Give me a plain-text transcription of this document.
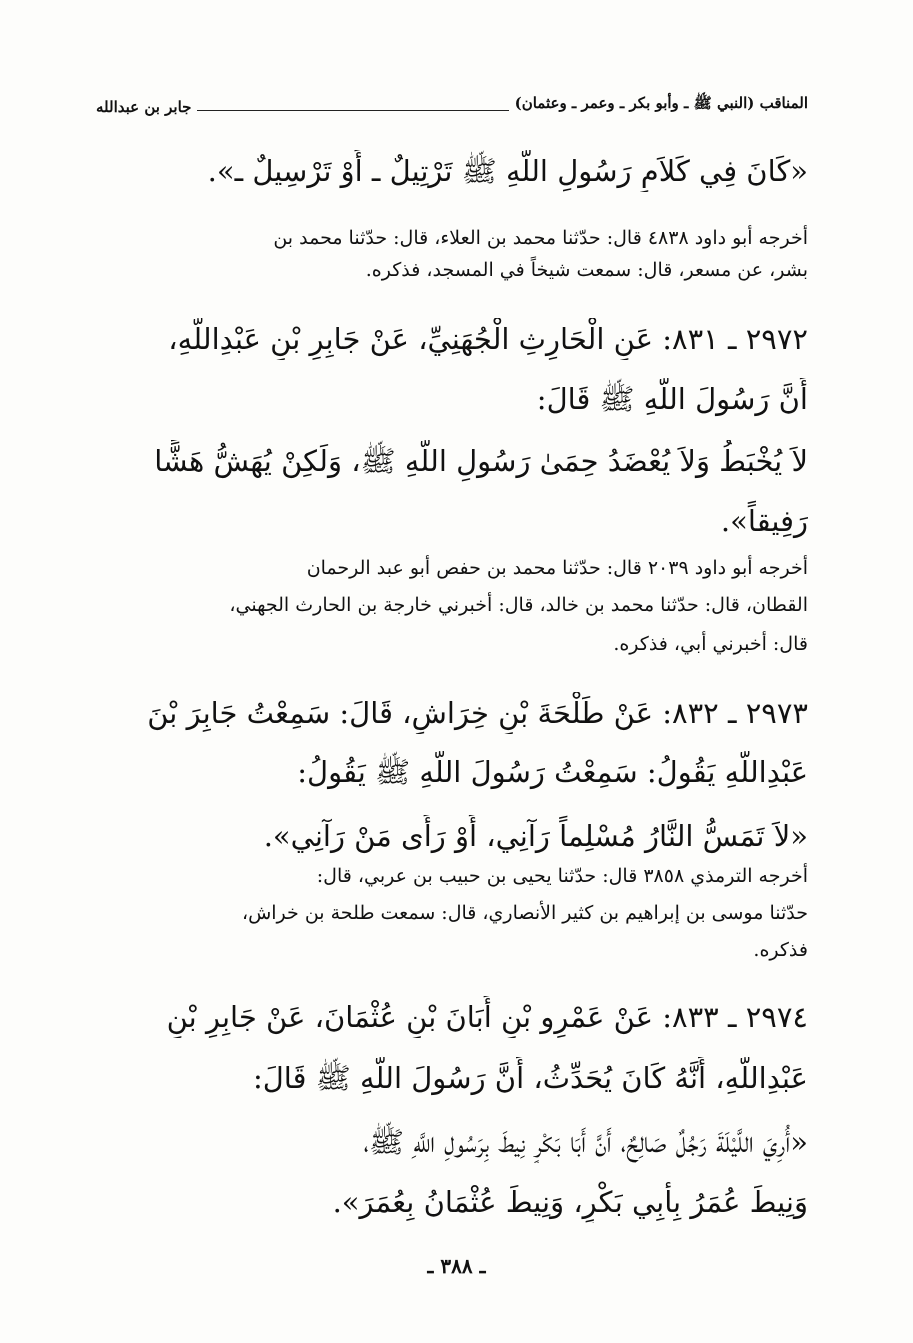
المناقب (النبي ﷺ ـ وأبو بكر ـ وعمر ـ وعثمان)
جابر بن عبدالله
«كَانَ فِي كَلاَمِ رَسُولِ اللَّهِ ﷺ تَرْتِيلٌ ـ أَوْ تَرْسِيلٌ ـ».
أخرجه أبو داود ٤٨٣٨ قال: حدّثنا محمد بن العلاء، قال: حدّثنا محمد بن
بشر، عن مسعر، قال: سمعت شيخاً في المسجد، فذكره.
٢٩٧٢ ـ ٨٣١: عَنِ الْحَارِثِ الْجُهَنِيِّ، عَنْ جَابِرِ بْنِ عَبْدِاللَّهِ،
أَنَّ رَسُولَ اللَّهِ ﷺ قَالَ:
لاَ يُخْبَطُ وَلاَ يُعْضَدُ حِمَىٰ رَسُولِ اللَّهِ ﷺ، وَلَكِنْ يُهَشُّ هَشًّا
رَفِيقاً».
أخرجه أبو داود ٢٠٣٩ قال: حدّثنا محمد بن حفص أبو عبد الرحمان
القطان، قال: حدّثنا محمد بن خالد، قال: أخبرني خارجة بن الحارث الجهني،
قال: أخبرني أبي، فذكره.
٢٩٧٣ ـ ٨٣٢: عَنْ طَلْحَةَ بْنِ خِرَاشٍ، قَالَ: سَمِعْتُ جَابِرَ بْنَ
عَبْدِاللَّهِ يَقُولُ: سَمِعْتُ رَسُولَ اللَّهِ ﷺ يَقُولُ:
«لاَ تَمَسُّ النَّارُ مُسْلِماً رَآنِي، أَوْ رَأَى مَنْ رَآنِي».
أخرجه الترمذي ٣٨٥٨ قال: حدّثنا يحيى بن حبيب بن عربي، قال:
حدّثنا موسى بن إبراهيم بن كثير الأنصاري، قال: سمعت طلحة بن خراش،
فذكره.
٢٩٧٤ ـ ٨٣٣: عَنْ عَمْرِو بْنِ أَبَانَ بْنِ عُثْمَانَ، عَنْ جَابِرِ بْنِ
عَبْدِاللَّهِ، أَنَّهُ كَانَ يُحَدِّثُ، أَنَّ رَسُولَ اللَّهِ ﷺ قَالَ:
«أُرِيَ اللَّيْلَةَ رَجُلٌ صَالِحٌ، أَنَّ أَبَا بَكْرٍ نِيطَ بِرَسُولِ اللَّهِ ﷺ،
وَنِيطَ عُمَرُ بِأَبِي بَكْرٍ، وَنِيطَ عُثْمَانُ بِعُمَرَ».
ـ ٣٨٨ ـ
